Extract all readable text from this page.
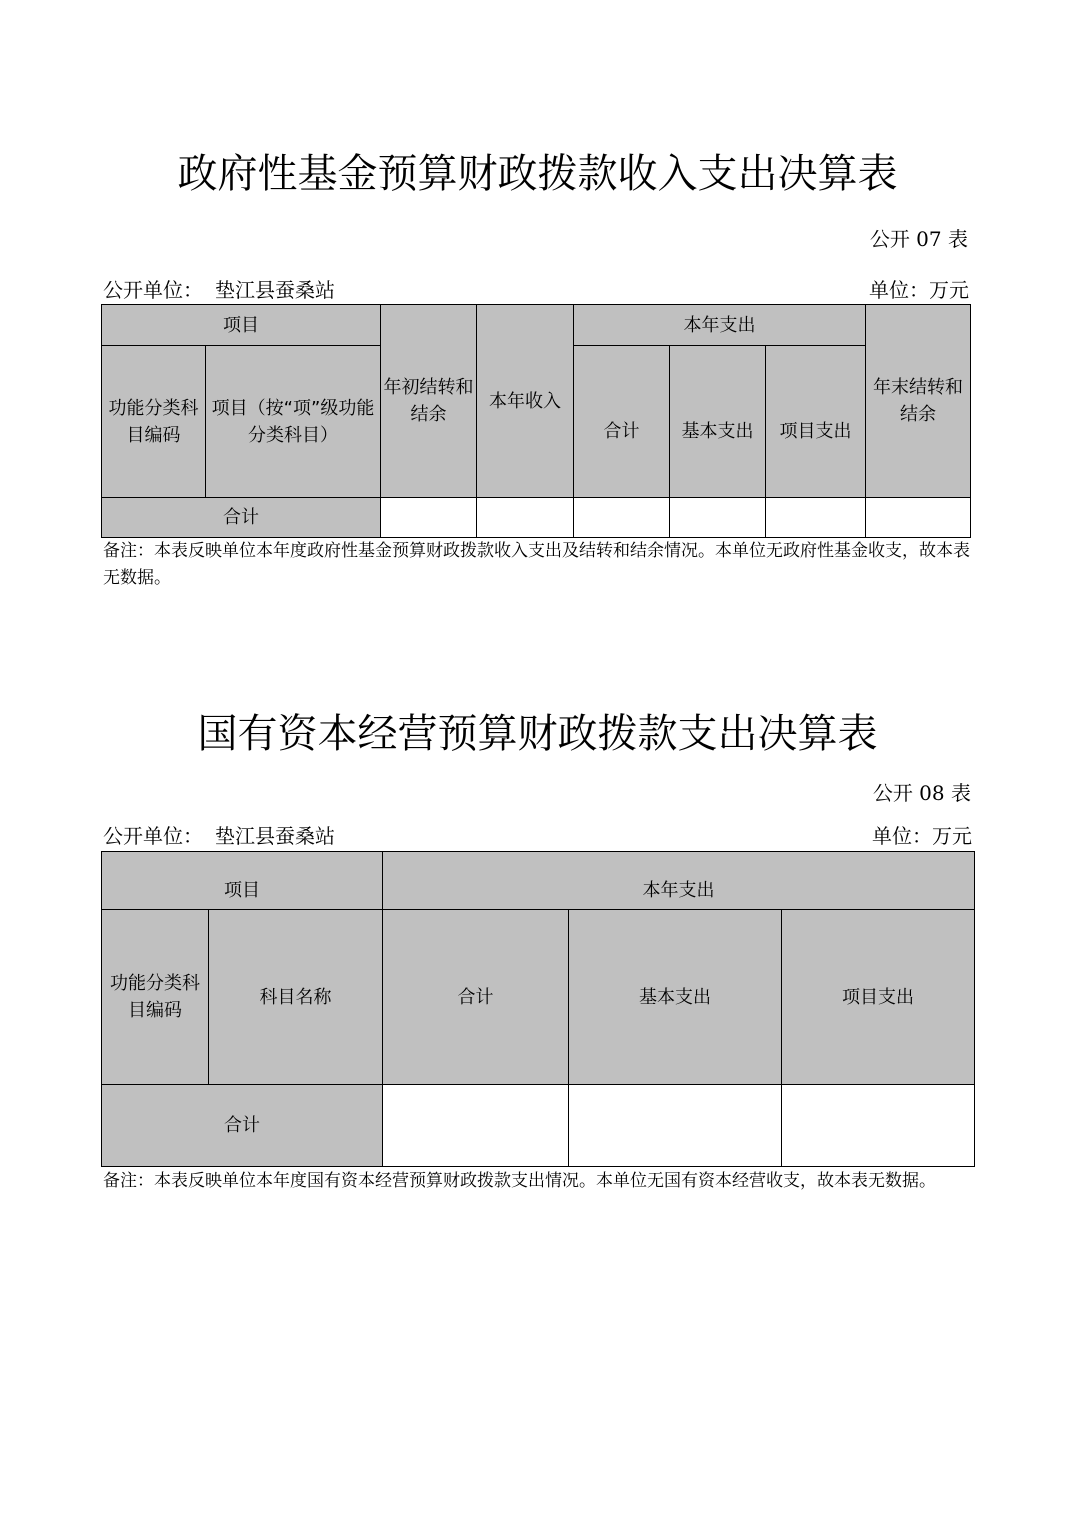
政府性基金预算财政拨款收入支出决算表
公开 07 表
公开单位： 垫江县蚕桑站	单位：万元
项目		年初结转和结余	本年收入	本年支出			年末结转和结余
功能分类科目编码	项目（按“项”级功能分类科目）			合计	基本支出	项目支出	
合计							
备注：本表反映单位本年度政府性基金预算财政拨款收入支出及结转和结余情况。本单位无政府性基金收支，故本表无数据。
国有资本经营预算财政拨款支出决算表
公开 08 表
公开单位： 垫江县蚕桑站	单位：万元
项目		本年支出		
功能分类科目编码	科目名称	合计	基本支出	项目支出
合计				
备注：本表反映单位本年度国有资本经营预算财政拨款支出情况。本单位无国有资本经营收支，故本表无数据。
